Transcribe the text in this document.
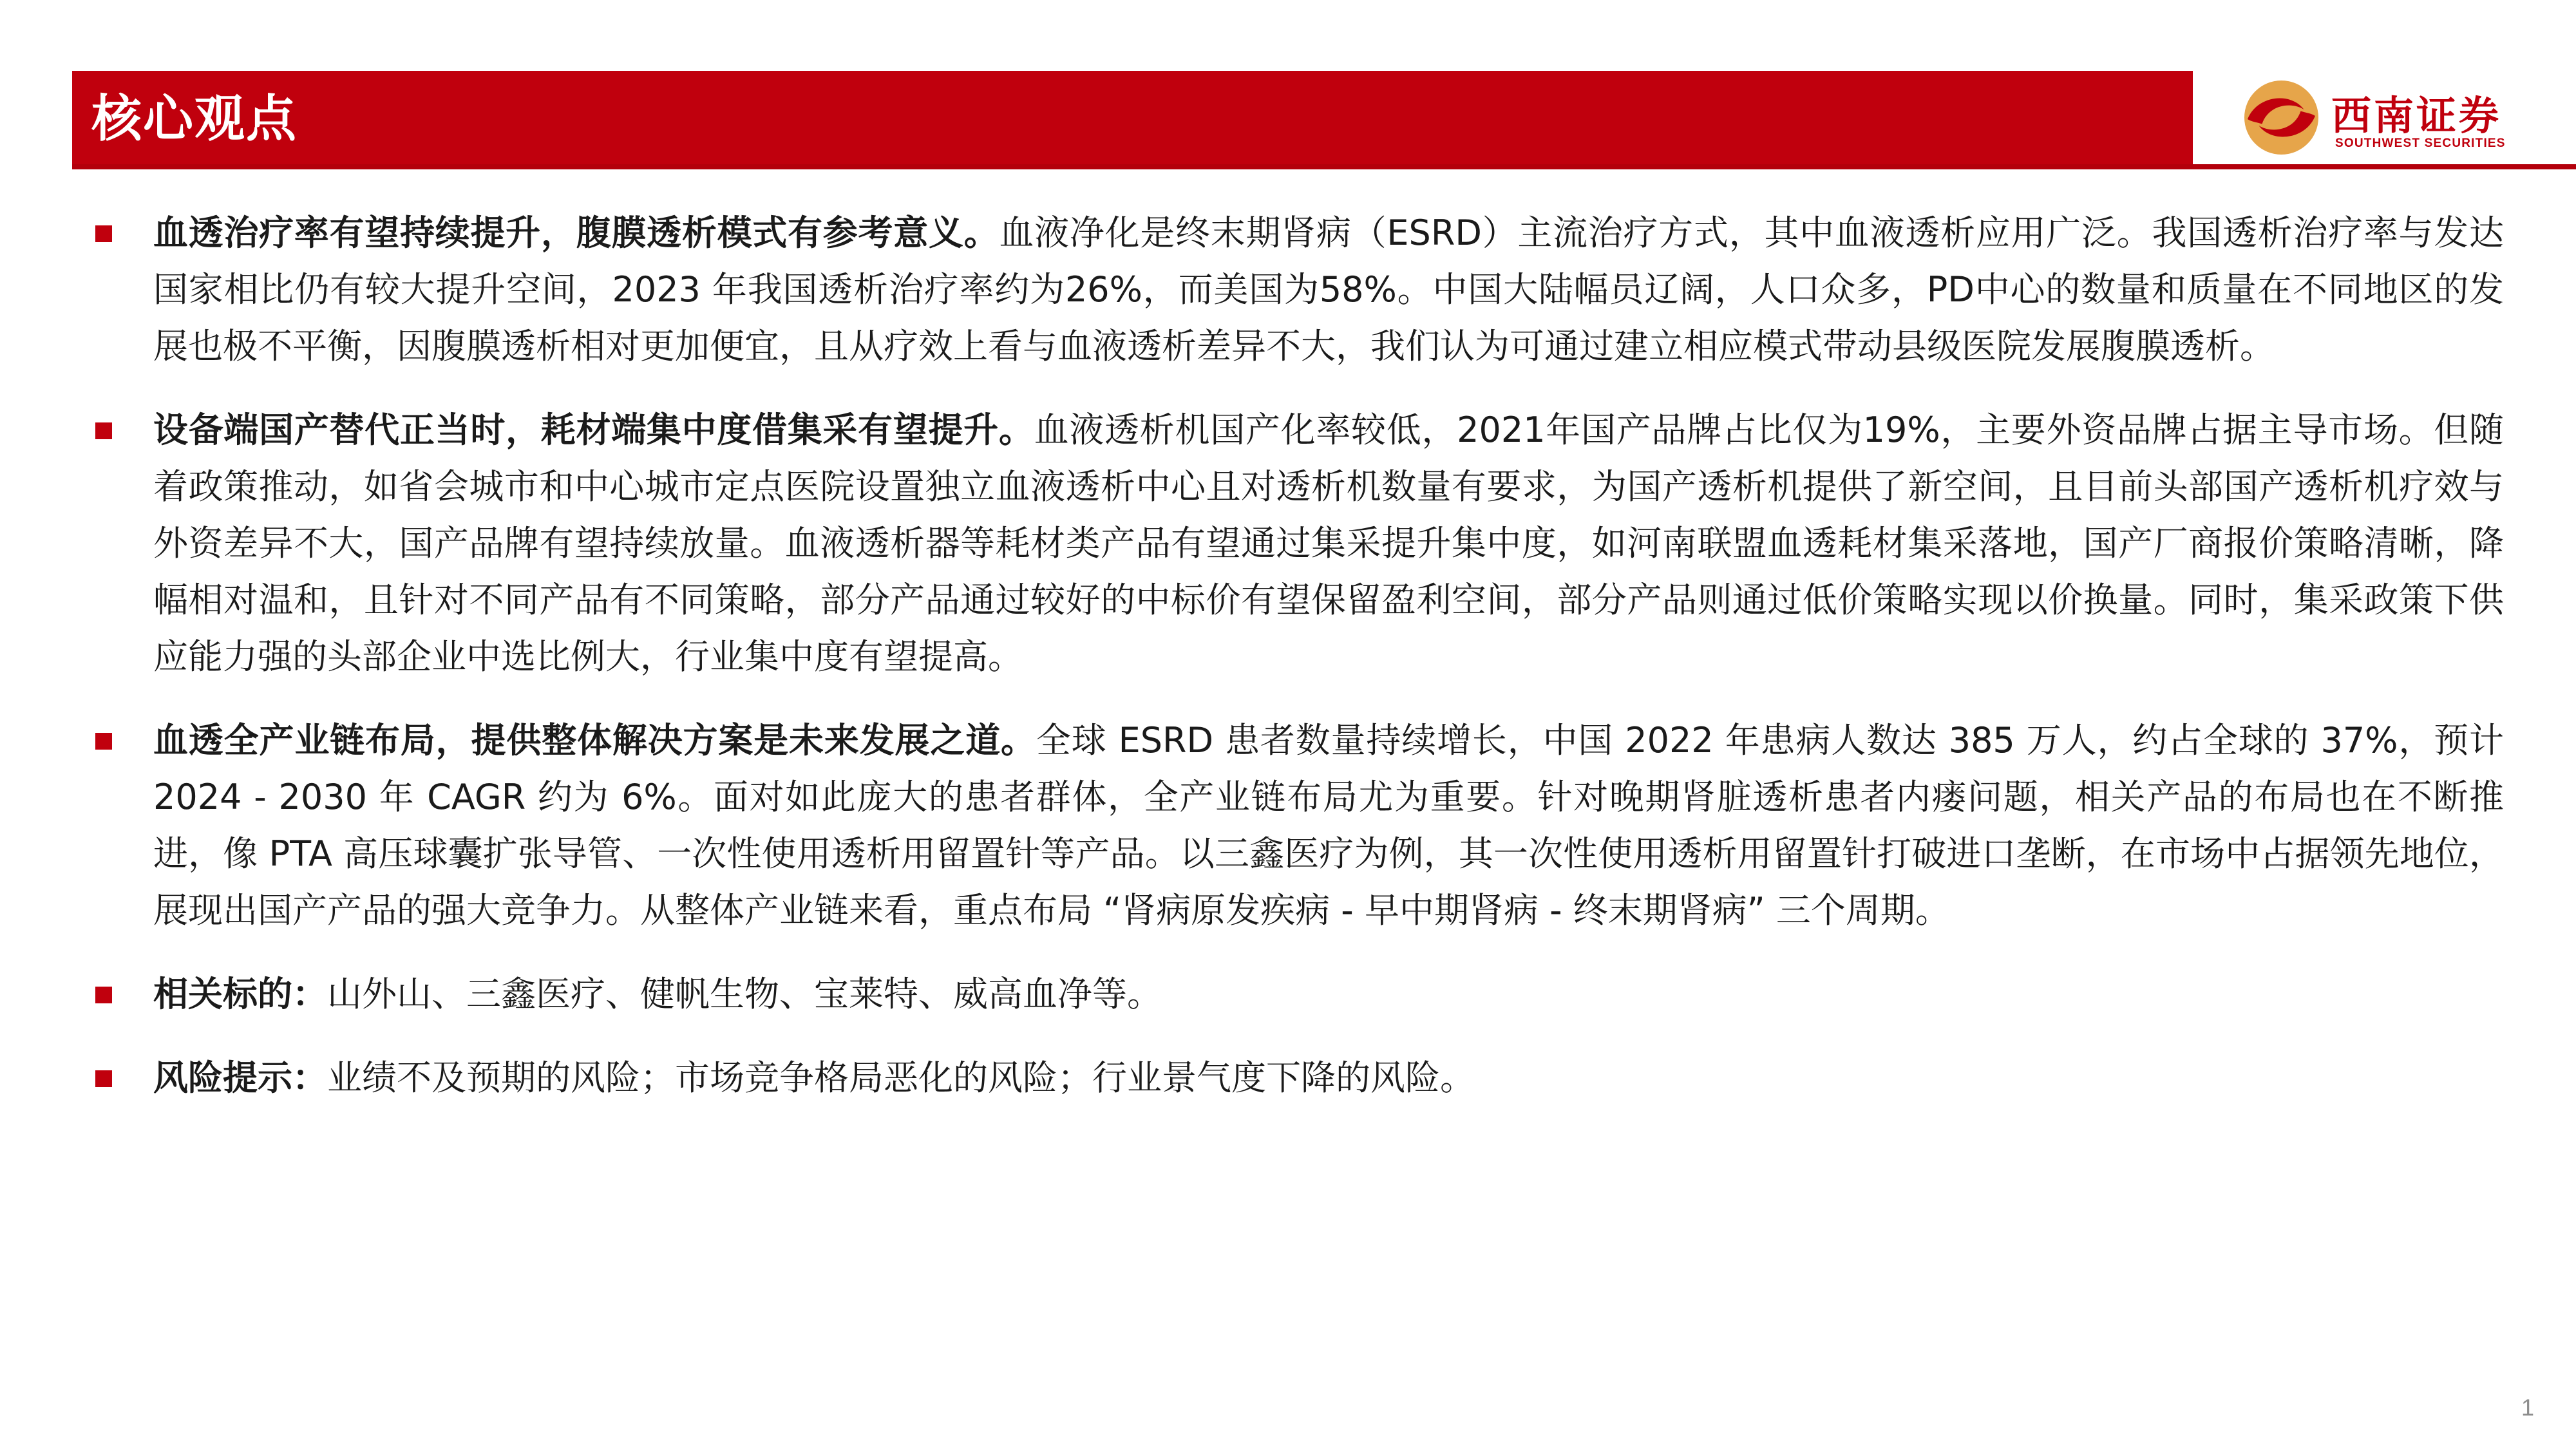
核心观点	西南证券
SOUTHWEST SECURITIES
血透治疗率有望持续提升，腹膜透析模式有参考意义。血液净化是终末期肾病（ESRD）主流治疗方式，其中血液透析应用广泛。我国透析治疗率与发达国家相比仍有较大提升空间，2023 年我国透析治疗率约为26%，而美国为58%。中国大陆幅员辽阔，人口众多，PD中心的数量和质量在不同地区的发展也极不平衡，因腹膜透析相对更加便宜，且从疗效上看与血液透析差异不大，我们认为可通过建立相应模式带动县级医院发展腹膜透析。
设备端国产替代正当时，耗材端集中度借集采有望提升。血液透析机国产化率较低，2021年国产品牌占比仅为19%，主要外资品牌占据主导市场。但随着政策推动，如省会城市和中心城市定点医院设置独立血液透析中心且对透析机数量有要求，为国产透析机提供了新空间，且目前头部国产透析机疗效与外资差异不大，国产品牌有望持续放量。血液透析器等耗材类产品有望通过集采提升集中度，如河南联盟血透耗材集采落地，国产厂商报价策略清晰，降幅相对温和，且针对不同产品有不同策略，部分产品通过较好的中标价有望保留盈利空间，部分产品则通过低价策略实现以价换量。同时，集采政策下供应能力强的头部企业中选比例大，行业集中度有望提高。
血透全产业链布局，提供整体解决方案是未来发展之道。全球 ESRD 患者数量持续增长，中国 2022 年患病人数达 385 万人，约占全球的 37%，预计 2024 - 2030 年 CAGR 约为 6%。面对如此庞大的患者群体，全产业链布局尤为重要。针对晚期肾脏透析患者内瘘问题，相关产品的布局也在不断推进，像 PTA 高压球囊扩张导管、一次性使用透析用留置针等产品。以三鑫医疗为例，其一次性使用透析用留置针打破进口垄断，在市场中占据领先地位，展现出国产产品的强大竞争力。从整体产业链来看，重点布局 “肾病原发疾病 - 早中期肾病 - 终末期肾病” 三个周期。
相关标的：山外山、三鑫医疗、健帆生物、宝莱特、威高血净等。
风险提示：业绩不及预期的风险；市场竞争格局恶化的风险；行业景气度下降的风险。
1
